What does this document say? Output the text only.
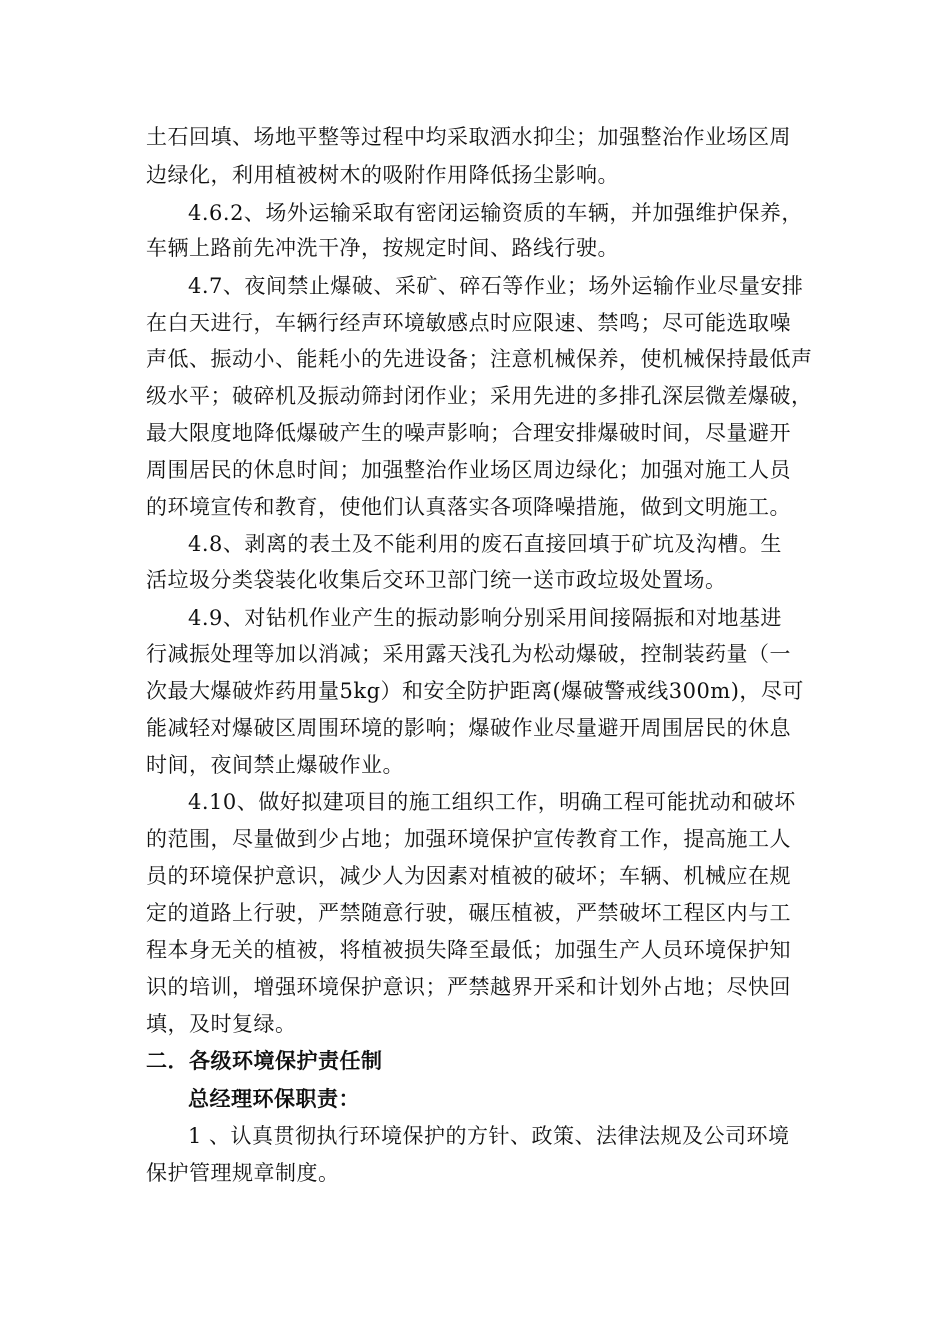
土石回填、场地平整等过程中均采取洒水抑尘；加强整治作业场区周
边绿化，利用植被树木的吸附作用降低扬尘影响。
4.6.2、场外运输采取有密闭运输资质的车辆，并加强维护保养，
车辆上路前先冲洗干净，按规定时间、路线行驶。
4.7、夜间禁止爆破、采矿、碎石等作业；场外运输作业尽量安排
在白天进行，车辆行经声环境敏感点时应限速、禁鸣；尽可能选取噪
声低、振动小、能耗小的先进设备；注意机械保养，使机械保持最低声
级水平；破碎机及振动筛封闭作业；采用先进的多排孔深层微差爆破，
最大限度地降低爆破产生的噪声影响；合理安排爆破时间，尽量避开
周围居民的休息时间；加强整治作业场区周边绿化；加强对施工人员
的环境宣传和教育，使他们认真落实各项降噪措施，做到文明施工。
4.8、剥离的表土及不能利用的废石直接回填于矿坑及沟槽。生
活垃圾分类袋装化收集后交环卫部门统一送市政垃圾处置场。
4.9、对钻机作业产生的振动影响分别采用间接隔振和对地基进
行减振处理等加以消减；采用露天浅孔为松动爆破，控制装药量（一
次最大爆破炸药用量5kg）和安全防护距离(爆破警戒线300m)，尽可
能减轻对爆破区周围环境的影响；爆破作业尽量避开周围居民的休息
时间，夜间禁止爆破作业。
4.10、做好拟建项目的施工组织工作，明确工程可能扰动和破坏
的范围，尽量做到少占地；加强环境保护宣传教育工作，提高施工人
员的环境保护意识，减少人为因素对植被的破坏；车辆、机械应在规
定的道路上行驶，严禁随意行驶，碾压植被，严禁破坏工程区内与工
程本身无关的植被，将植被损失降至最低；加强生产人员环境保护知
识的培训，增强环境保护意识；严禁越界开采和计划外占地；尽快回
填，及时复绿。
二．各级环境保护责任制
总经理环保职责：
1 、认真贯彻执行环境保护的方针、政策、法律法规及公司环境
保护管理规章制度。
